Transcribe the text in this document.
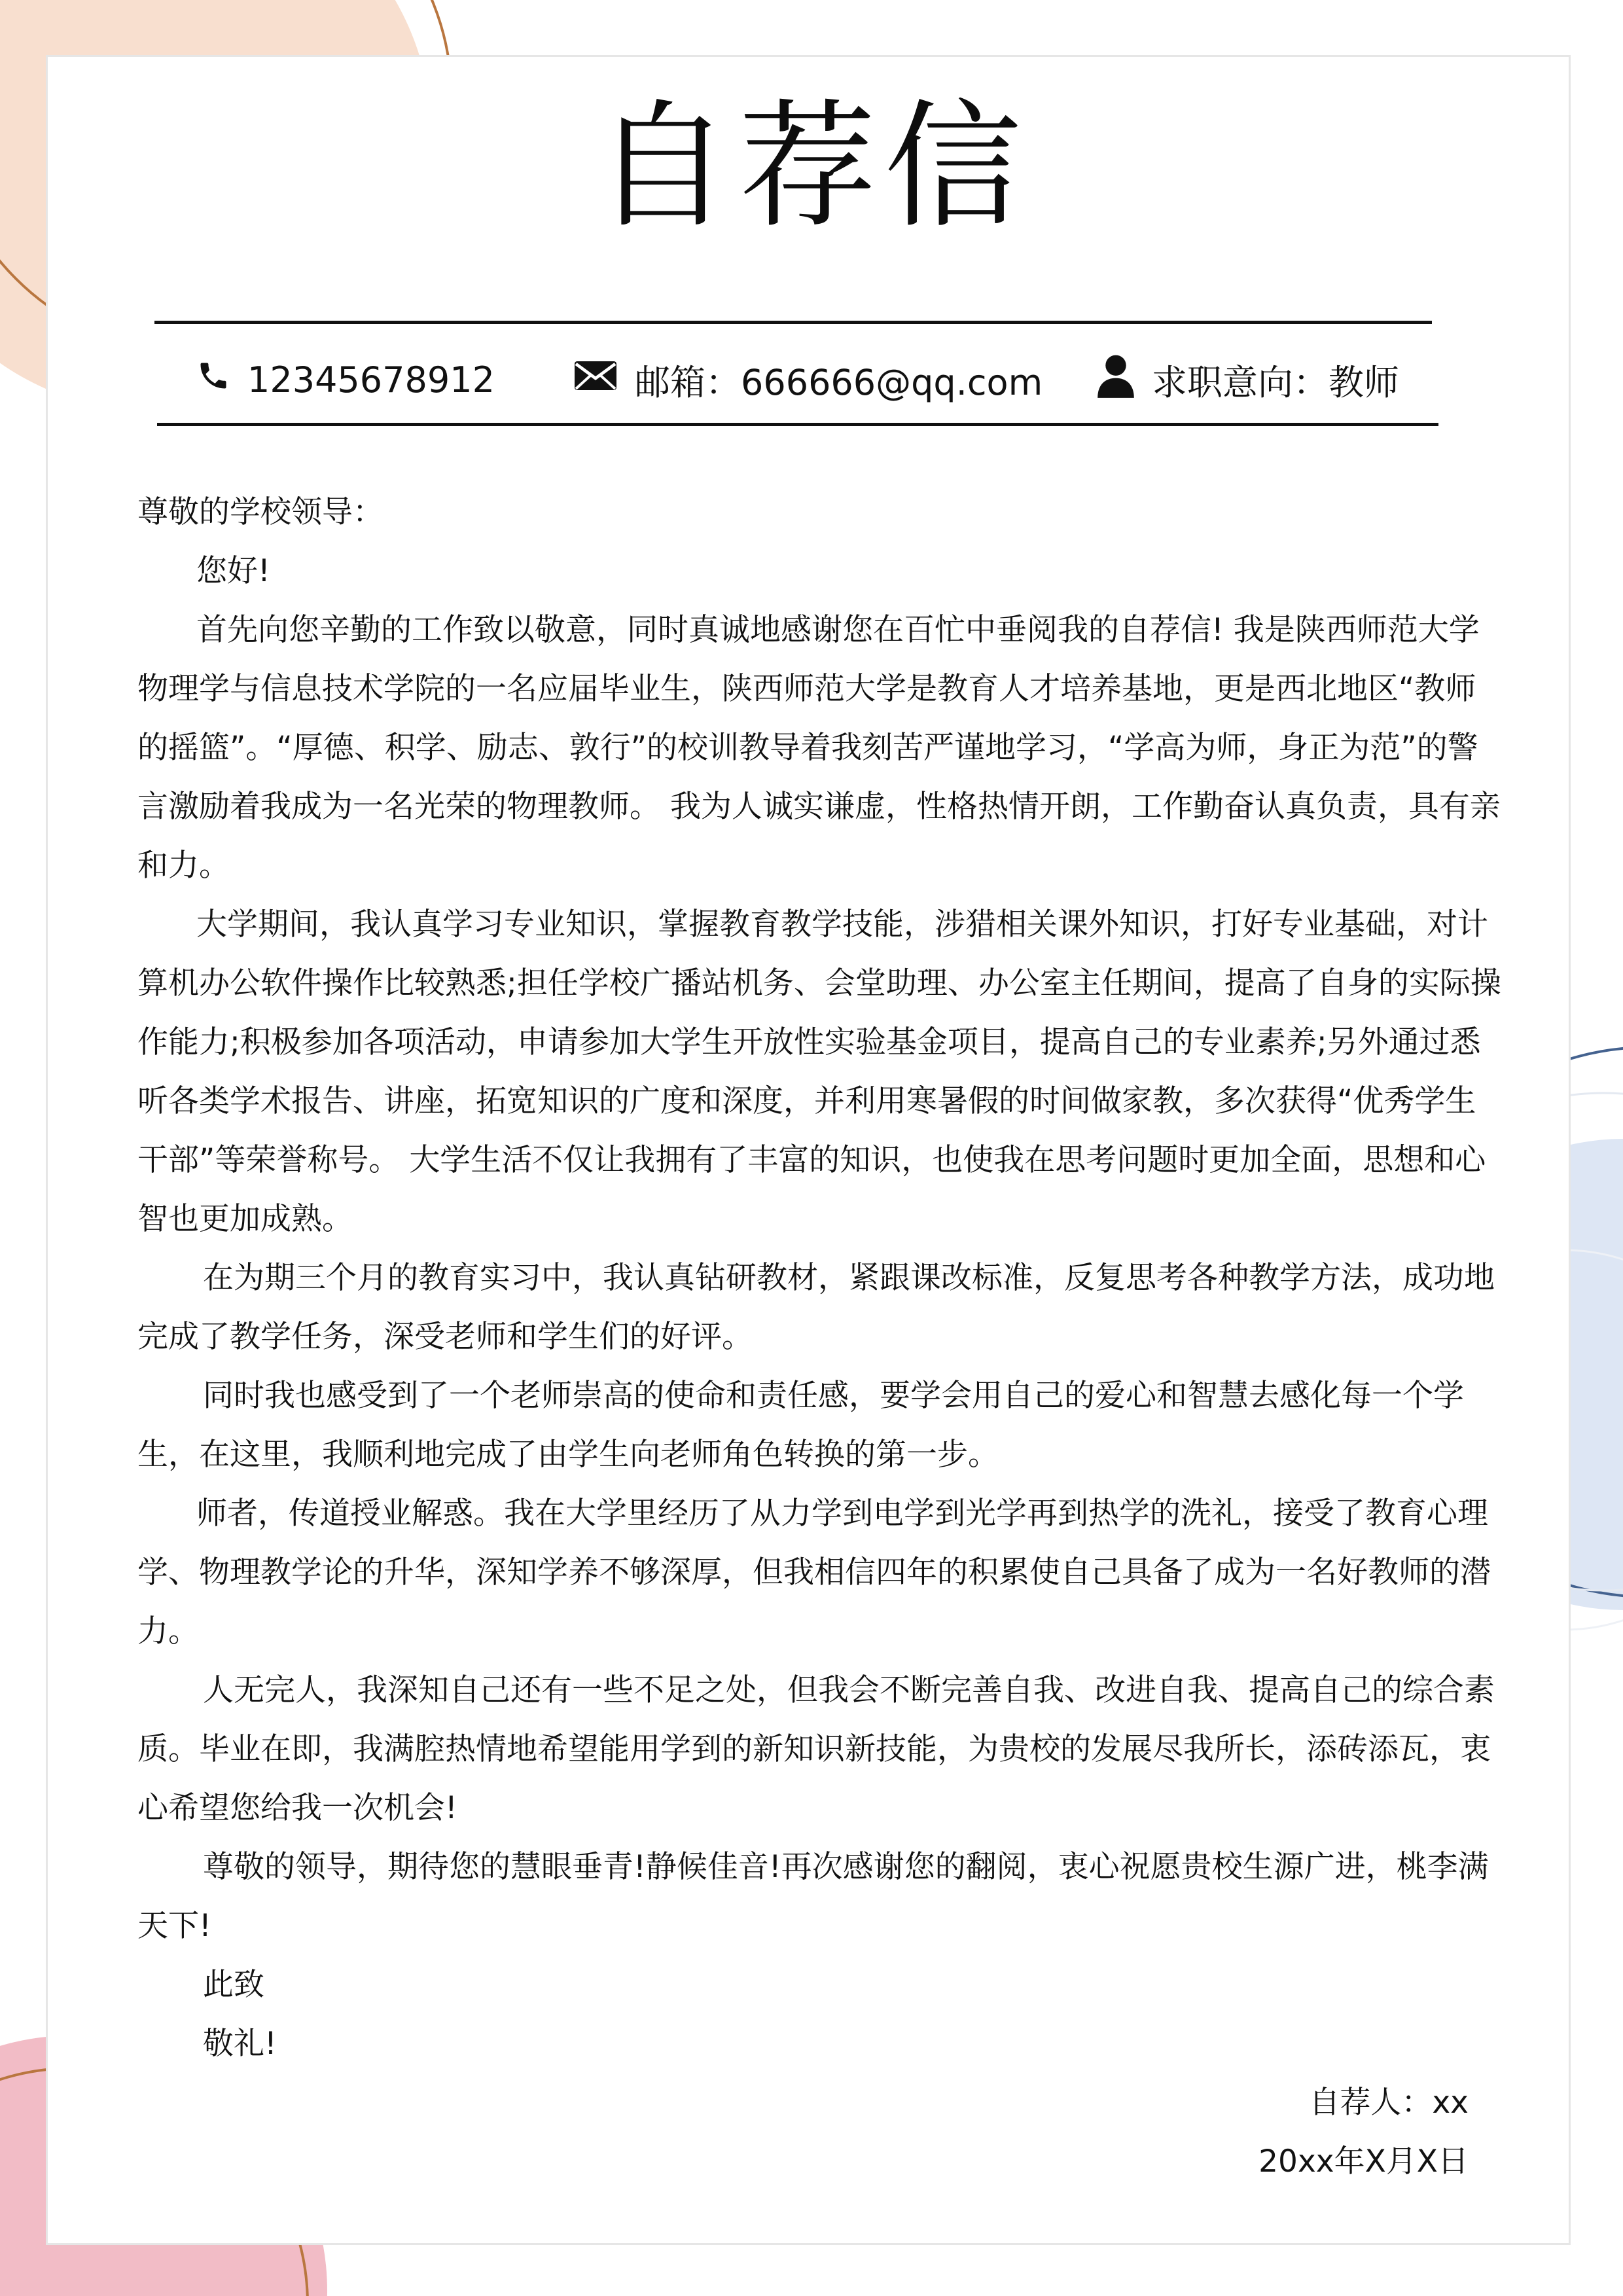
自荐信
12345678912	邮箱：666666@qq.com	求职意向：教师

尊敬的学校领导：

您好!

首先向您辛勤的工作致以敬意，同时真诚地感谢您在百忙中垂阅我的自荐信! 我是陕西师范大学物理学与信息技术学院的一名应届毕业生，陕西师范大学是教育人才培养基地，更是西北地区“教师的摇篮”。“厚德、积学、励志、敦行”的校训教导着我刻苦严谨地学习，“学高为师，身正为范”的警言激励着我成为一名光荣的物理教师。 我为人诚实谦虚，性格热情开朗，工作勤奋认真负责，具有亲和力。

大学期间，我认真学习专业知识，掌握教育教学技能，涉猎相关课外知识，打好专业基础，对计算机办公软件操作比较熟悉;担任学校广播站机务、会堂助理、办公室主任期间，提高了自身的实际操作能力;积极参加各项活动，申请参加大学生开放性实验基金项目，提高自己的专业素养;另外通过悉听各类学术报告、讲座，拓宽知识的广度和深度，并利用寒暑假的时间做家教，多次获得“优秀学生干部”等荣誉称号。 大学生活不仅让我拥有了丰富的知识，也使我在思考问题时更加全面，思想和心智也更加成熟。

在为期三个月的教育实习中，我认真钻研教材，紧跟课改标准，反复思考各种教学方法，成功地完成了教学任务，深受老师和学生们的好评。

同时我也感受到了一个老师崇高的使命和责任感，要学会用自己的爱心和智慧去感化每一个学生，在这里，我顺利地完成了由学生向老师角色转换的第一步。

师者，传道授业解惑。我在大学里经历了从力学到电学到光学再到热学的洗礼，接受了教育心理学、物理教学论的升华，深知学养不够深厚，但我相信四年的积累使自己具备了成为一名好教师的潜力。

人无完人，我深知自己还有一些不足之处，但我会不断完善自我、改进自我、提高自己的综合素质。毕业在即，我满腔热情地希望能用学到的新知识新技能，为贵校的发展尽我所长，添砖添瓦，衷心希望您给我一次机会!

尊敬的领导，期待您的慧眼垂青!静候佳音!再次感谢您的翻阅，衷心祝愿贵校生源广进，桃李满天下!

此致

敬礼!

自荐人：xx
20xx年X月X日
